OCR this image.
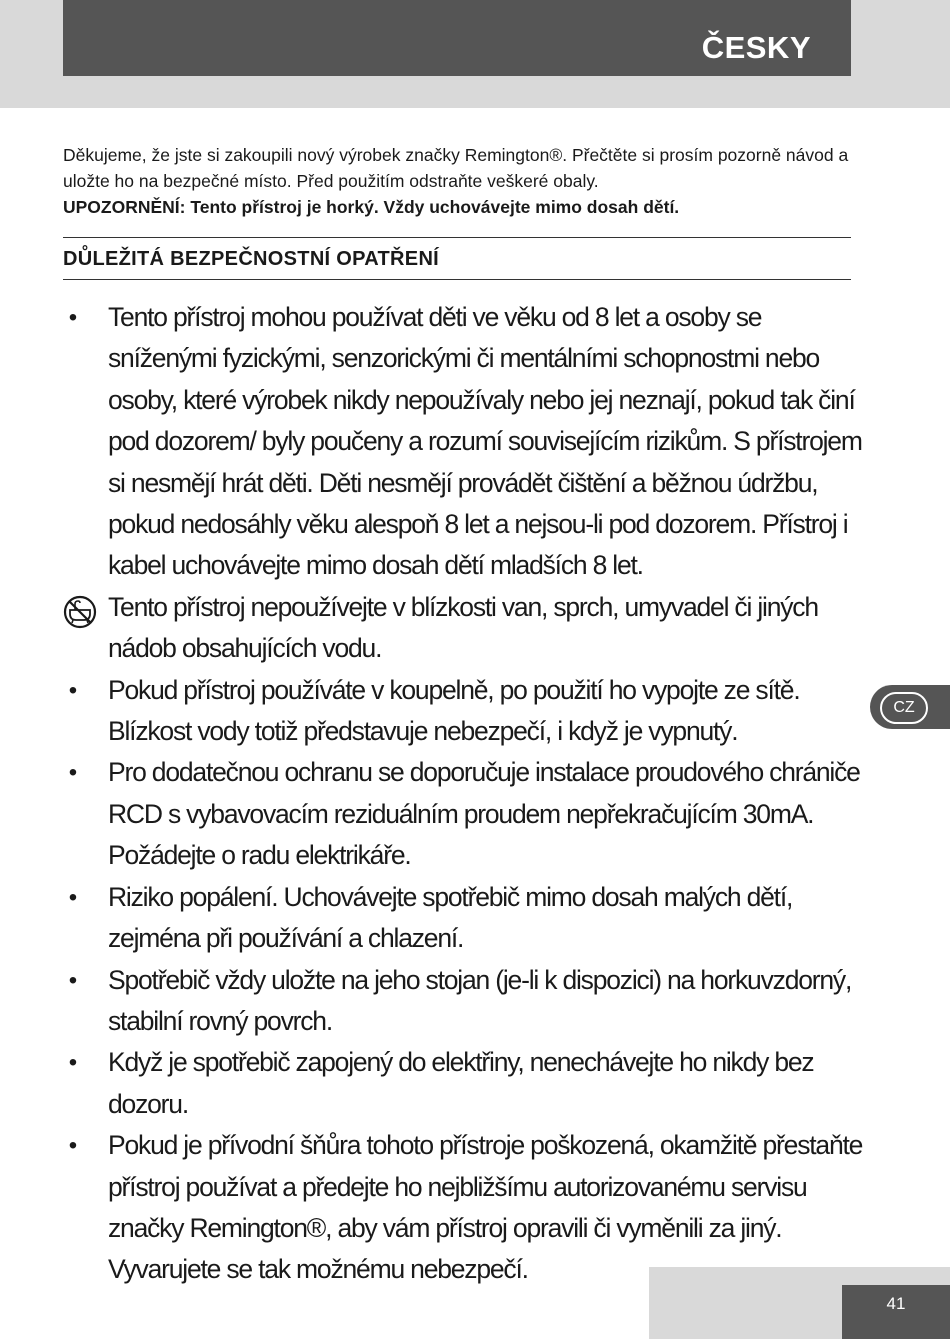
ČESKY

Děkujeme, že jste si zakoupili nový výrobek značky Remington®. Přečtěte si prosím pozorně návod a uložte ho na bezpečné místo. Před použitím odstraňte veškeré obaly.

UPOZORNĚNÍ: Tento přístroj je horký. Vždy uchovávejte mimo dosah dětí.

DŮLEŽITÁ BEZPEČNOSTNÍ OPATŘENÍ
• Tento přístroj mohou používat děti ve věku od 8 let a osoby se sníženými fyzickými, senzorickými či mentálními schopnostmi nebo osoby, které výrobek nikdy nepoužívaly nebo jej neznají, pokud tak činí pod dozorem/ byly poučeny a rozumí souvisejícím rizikům. S přístrojem si nesmějí hrát děti. Děti nesmějí provádět čištění a běžnou údržbu, pokud nedosáhly věku alespoň 8 let a nejsou-li pod dozorem. Přístroj i kabel uchovávejte mimo dosah dětí mladších 8 let.
Tento přístroj nepoužívejte v blízkosti van, sprch, umyvadel či jiných nádob obsahujících vodu.
• Pokud přístroj používáte v koupelně, po použití ho vypojte ze sítě. Blízkost vody totiž představuje nebezpečí, i když je vypnutý.
• Pro dodatečnou ochranu se doporučuje instalace proudového chrániče RCD s vybavovacím reziduálním proudem nepřekračujícím 30mA. Požádejte o radu elektrikáře.
• Riziko popálení. Uchovávejte spotřebič mimo dosah malých dětí, zejména při používání a chlazení.
• Spotřebič vždy uložte na jeho stojan (je-li k dispozici) na horkuvzdorný, stabilní rovný povrch.
• Když je spotřebič zapojený do elektřiny, nenechávejte ho nikdy bez dozoru.
• Pokud je přívodní šňůra tohoto přístroje poškozená, okamžitě přestaňte přístroj používat a předejte ho nejbližšímu autorizovanému servisu značky Remington®, aby vám přístroj opravili či vyměnili za jiný. Vyvarujete se tak možnému nebezpečí.
CZ
41
